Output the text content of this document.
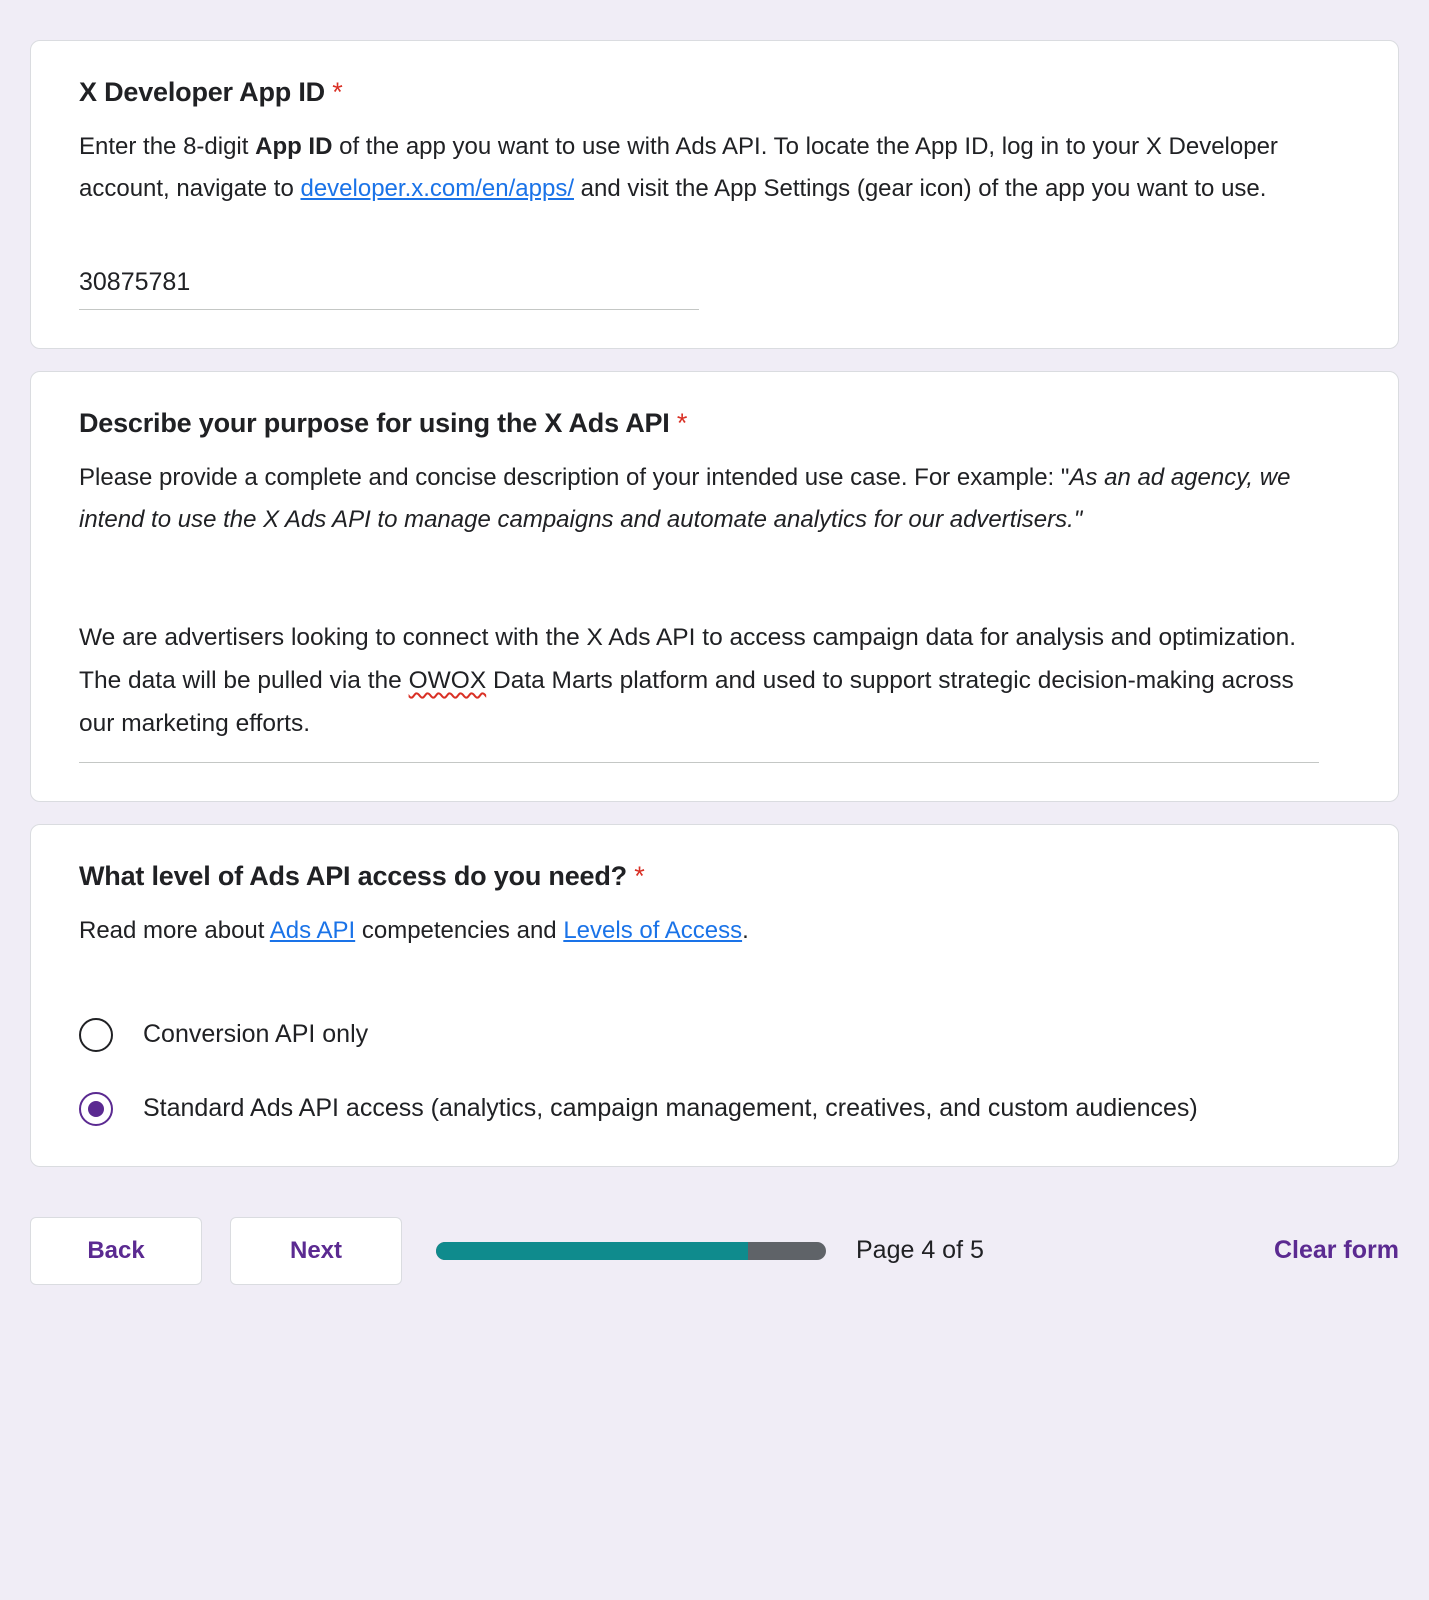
X Developer App ID *

Enter the 8-digit App ID of the app you want to use with Ads API. To locate the App ID, log in to your X Developer account, navigate to developer.x.com/en/apps/ and visit the App Settings (gear icon) of the app you want to use.

30875781
Describe your purpose for using the X Ads API *

Please provide a complete and concise description of your intended use case. For example: "As an ad agency, we intend to use the X Ads API to manage campaigns and automate analytics for our advertisers."

We are advertisers looking to connect with the X Ads API to access campaign data for analysis and optimization. The data will be pulled via the OWOX Data Marts platform and used to support strategic decision-making across our marketing efforts.
What level of Ads API access do you need? *

Read more about Ads API competencies and Levels of Access.

Conversion API only
Standard Ads API access (analytics, campaign management, creatives, and custom audiences)
Back	Next	Page 4 of 5	Clear form
